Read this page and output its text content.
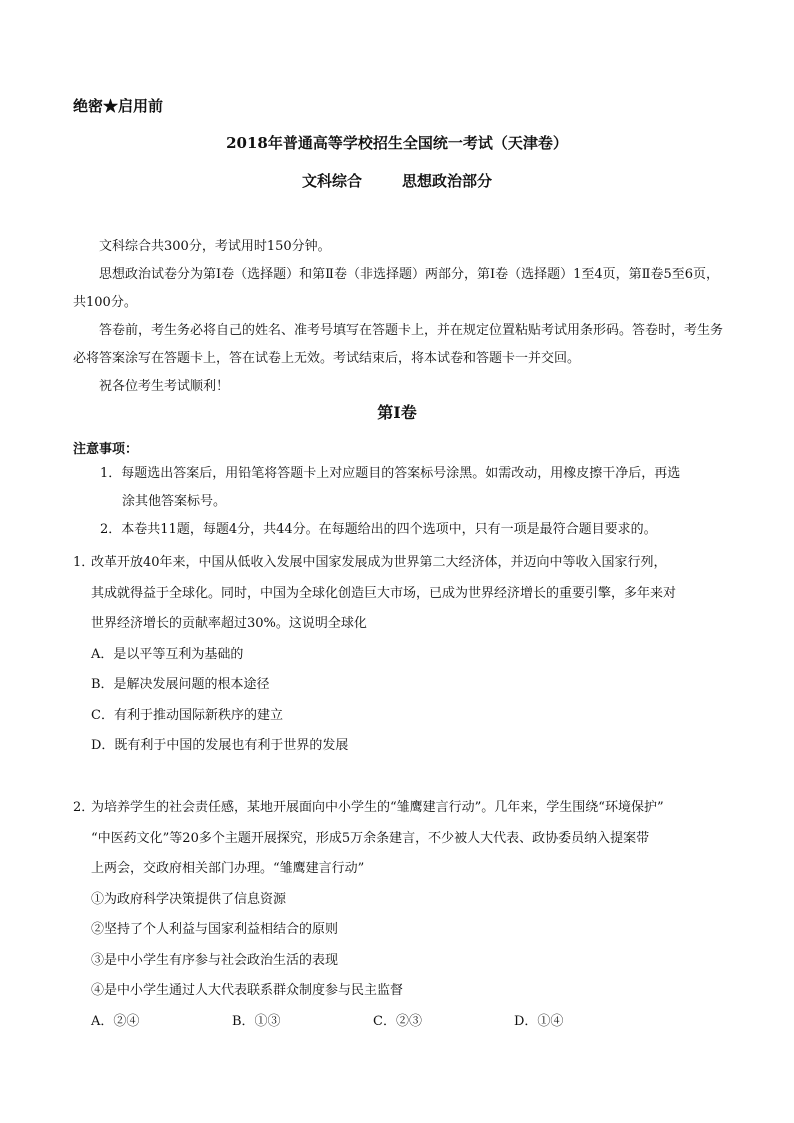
绝密★启用前
2018年普通高等学校招生全国统一考试（天津卷）
文科综合	思想政治部分

文科综合共300分，考试用时150分钟。

思想政治试卷分为第Ⅰ卷（选择题）和第Ⅱ卷（非选择题）两部分，第Ⅰ卷（选择题）1至4页，第Ⅱ卷5至6页，共100分。

答卷前，考生务必将自己的姓名、准考号填写在答题卡上，并在规定位置粘贴考试用条形码。答卷时，考生务必将答案涂写在答题卡上，答在试卷上无效。考试结束后，将本试卷和答题卡一并交回。

祝各位考生考试顺利！

第Ⅰ卷
注意事项：
1．每题选出答案后，用铅笔将答题卡上对应题目的答案标号涂黑。如需改动，用橡皮擦干净后，再选
涂其他答案标号。
2．本卷共11题，每题4分，共44分。在每题给出的四个选项中，只有一项是最符合题目要求的。
1．改革开放40年来，中国从低收入发展中国家发展成为世界第二大经济体，并迈向中等收入国家行列，
其成就得益于全球化。同时，中国为全球化创造巨大市场，已成为世界经济增长的重要引擎，多年来对
世界经济增长的贡献率超过30%。这说明全球化
A．是以平等互利为基础的
B．是解决发展问题的根本途径
C．有利于推动国际新秩序的建立
D．既有利于中国的发展也有利于世界的发展
2．为培养学生的社会责任感，某地开展面向中小学生的“雏鹰建言行动”。几年来，学生围绕“环境保护”
“中医药文化”等20多个主题开展探究，形成5万余条建言，不少被人大代表、政协委员纳入提案带
上两会，交政府相关部门办理。“雏鹰建言行动”
①为政府科学决策提供了信息资源
②坚持了个人利益与国家利益相结合的原则
③是中小学生有序参与社会政治生活的表现
④是中小学生通过人大代表联系群众制度参与民主监督
A．②④	B．①③	C．②③	D．①④
